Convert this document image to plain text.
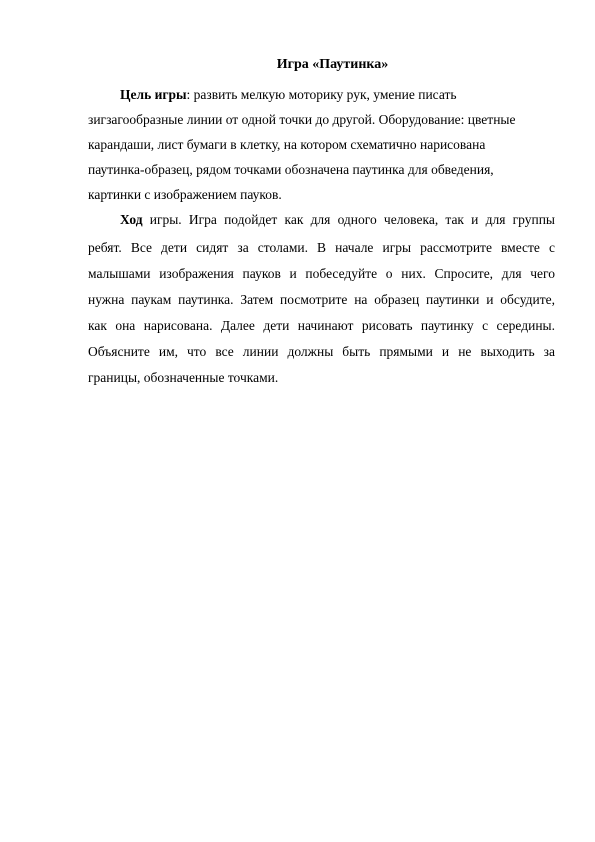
Игра «Паутинка»
Цель игры: развить мелкую моторику рук, умение писать
зигзагообразные линии от одной точки до другой. Оборудование: цветные
карандаши, лист бумаги в клетку, на котором схематично нарисована
паутинка-образец, рядом точками обозначена паутинка для обведения,
картинки с изображением пауков.
Ход игры. Игра подойдет как для одного человека, так и для группы
ребят. Все дети сидят за столами. В начале игры рассмотрите вместе с
малышами изображения пауков и побеседуйте о них. Спросите, для чего
нужна паукам паутинка. Затем посмотрите на образец паутинки и обсудите,
как она нарисована. Далее дети начинают рисовать паутинку с середины.
Объясните им, что все линии должны быть прямыми и не выходить за
границы, обозначенные точками.
